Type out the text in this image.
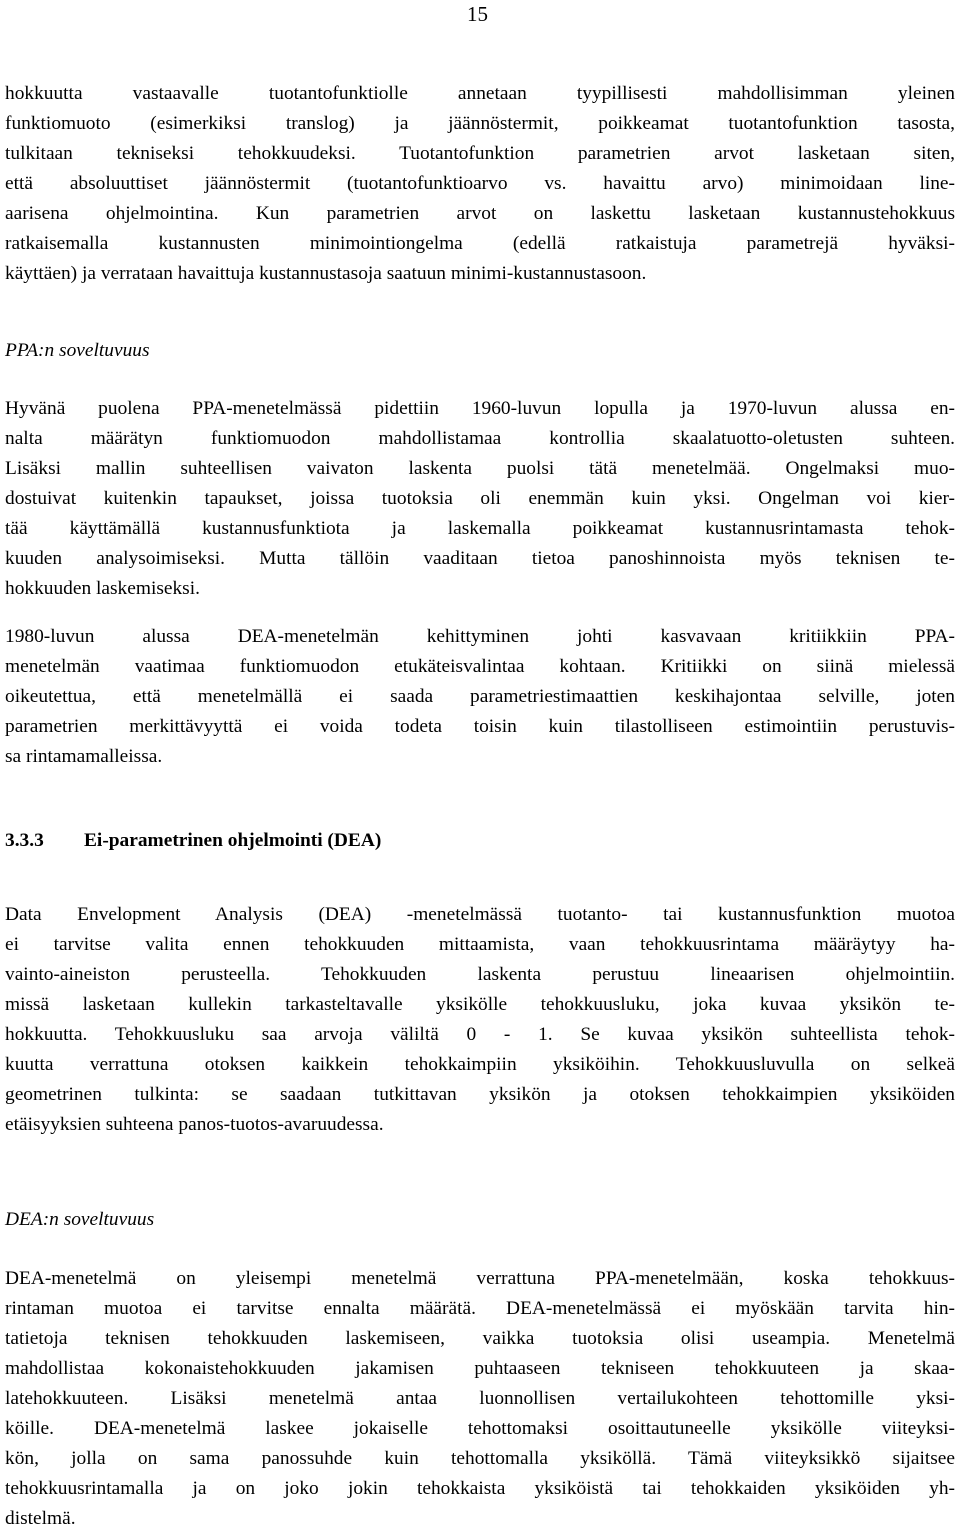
15
hokkuutta vastaavalle tuotantofunktiolle annetaan tyypillisesti mahdollisimman yleinen
funktiomuoto (esimerkiksi translog) ja jäännöstermit, poikkeamat tuotantofunktion tasosta,
tulkitaan tekniseksi tehokkuudeksi. Tuotantofunktion parametrien arvot lasketaan siten,
että absoluuttiset jäännöstermit (tuotantofunktioarvo vs. havaittu arvo) minimoidaan line-
aarisena ohjelmointina. Kun parametrien arvot on laskettu lasketaan kustannustehokkuus
ratkaisemalla kustannusten minimointiongelma (edellä ratkaistuja parametrejä hyväksi-
käyttäen) ja verrataan havaittuja kustannustasoja saatuun minimi-kustannustasoon.
PPA:n soveltuvuus
Hyvänä puolena PPA-menetelmässä pidettiin 1960-luvun lopulla ja 1970-luvun alussa en-
nalta määrätyn funktiomuodon mahdollistamaa kontrollia skaalatuotto-oletusten suhteen.
Lisäksi mallin suhteellisen vaivaton laskenta puolsi tätä menetelmää. Ongelmaksi muo-
dostuivat kuitenkin tapaukset, joissa tuotoksia oli enemmän kuin yksi. Ongelman voi kier-
tää käyttämällä kustannusfunktiota ja laskemalla poikkeamat kustannusrintamasta tehok-
kuuden analysoimiseksi. Mutta tällöin vaaditaan tietoa panoshinnoista myös teknisen te-
hokkuuden laskemiseksi.
1980-luvun alussa DEA-menetelmän kehittyminen johti kasvavaan kritiikkiin PPA-
menetelmän vaatimaa funktiomuodon etukäteisvalintaa kohtaan. Kritiikki on siinä mielessä
oikeutettua, että menetelmällä ei saada parametriestimaattien keskihajontaa selville, joten
parametrien merkittävyyttä ei voida todeta toisin kuin tilastolliseen estimointiin perustuvis-
sa rintamamalleissa.
3.3.3 Ei-parametrinen ohjelmointi (DEA)
Data Envelopment Analysis (DEA) -menetelmässä tuotanto- tai kustannusfunktion muotoa
ei tarvitse valita ennen tehokkuuden mittaamista, vaan tehokkuusrintama määräytyy ha-
vainto-aineiston perusteella. Tehokkuuden laskenta perustuu lineaarisen ohjelmointiin.
missä lasketaan kullekin tarkasteltavalle yksikölle tehokkuusluku, joka kuvaa yksikön te-
hokkuutta. Tehokkuusluku saa arvoja väliltä 0 - 1. Se kuvaa yksikön suhteellista tehok-
kuutta verrattuna otoksen kaikkein tehokkaimpiin yksiköihin. Tehokkuusluvulla on selkeä
geometrinen tulkinta: se saadaan tutkittavan yksikön ja otoksen tehokkaimpien yksiköiden
etäisyyksien suhteena panos-tuotos-avaruudessa.
DEA:n soveltuvuus
DEA-menetelmä on yleisempi menetelmä verrattuna PPA-menetelmään, koska tehokkuus-
rintaman muotoa ei tarvitse ennalta määrätä. DEA-menetelmässä ei myöskään tarvita hin-
tatietoja teknisen tehokkuuden laskemiseen, vaikka tuotoksia olisi useampia. Menetelmä
mahdollistaa kokonaistehokkuuden jakamisen puhtaaseen tekniseen tehokkuuteen ja skaa-
latehokkuuteen. Lisäksi menetelmä antaa luonnollisen vertailukohteen tehottomille yksi-
köille. DEA-menetelmä laskee jokaiselle tehottomaksi osoittautuneelle yksikölle viiteyksi-
kön, jolla on sama panossuhde kuin tehottomalla yksiköllä. Tämä viiteyksikkö sijaitsee
tehokkuusrintamalla ja on joko jokin tehokkaista yksiköistä tai tehokkaiden yksiköiden yh-
distelmä.
